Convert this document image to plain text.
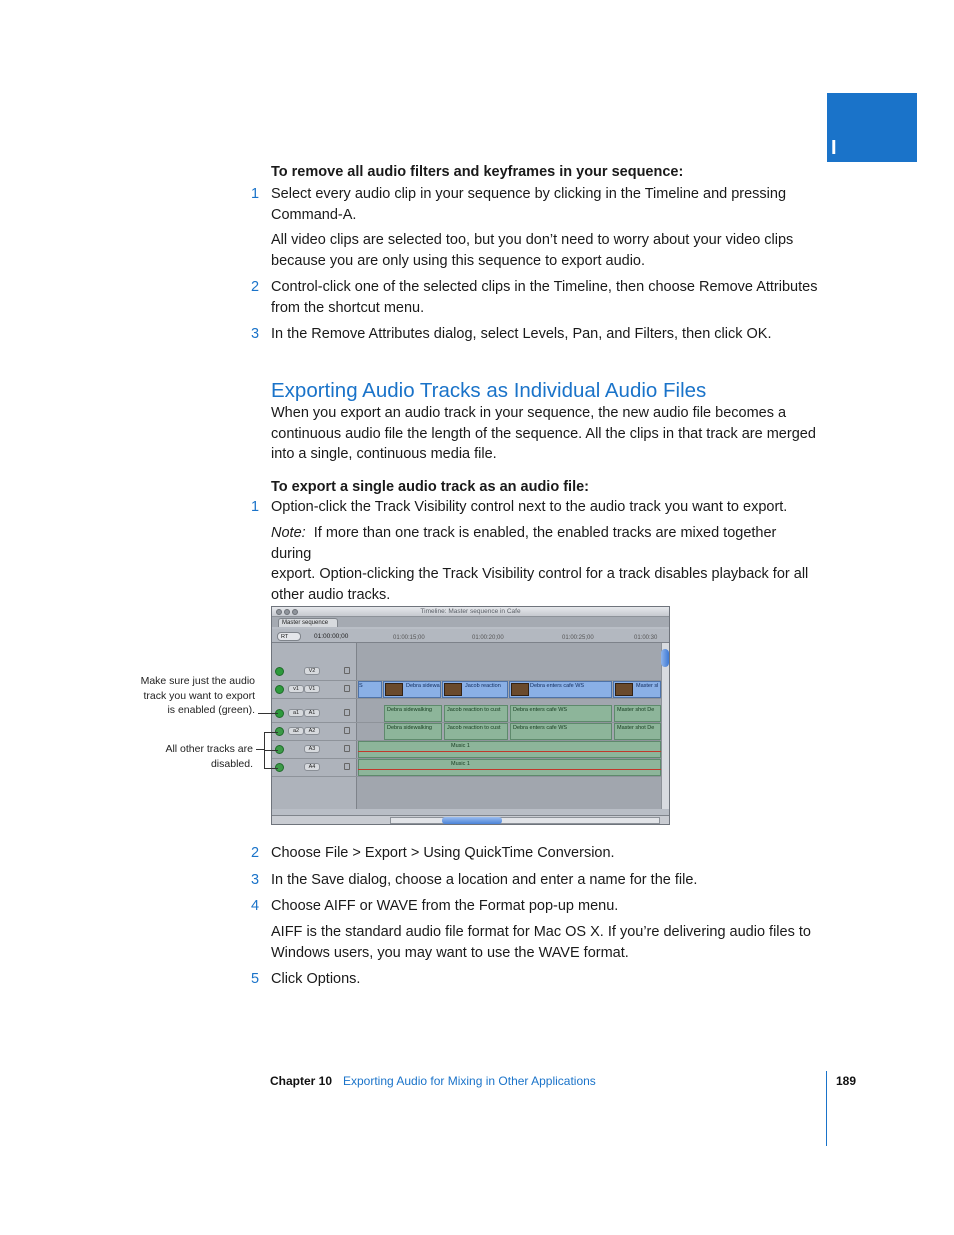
I
To remove all audio filters and keyframes in your sequence:
1 Select every audio clip in your sequence by clicking in the Timeline and pressing
Command-A.
All video clips are selected too, but you don’t need to worry about your video clips
because you are only using this sequence to export audio.
2 Control-click one of the selected clips in the Timeline, then choose Remove Attributes
from the shortcut menu.
3 In the Remove Attributes dialog, select Levels, Pan, and Filters, then click OK.
Exporting Audio Tracks as Individual Audio Files
When you export an audio track in your sequence, the new audio file becomes a
continuous audio file the length of the sequence. All the clips in that track are merged
into a single, continuous media file.
To export a single audio track as an audio file:
1 Option-click the Track Visibility control next to the audio track you want to export.
Note: If more than one track is enabled, the enabled tracks are mixed together during
export. Option-clicking the Track Visibility control for a track disables playback for all
other audio tracks.
Timeline: Master sequence in Cafe
Master sequence
RT	01:00:00;00	01:00:15;00	01:00:20;00	01:00:25;00	01:00:30
V2
v1	V1	S	Debra sidewa	Jacob reaction	Debra enters cafe WS	Master sl
a1	A1	Debra sidewalking	Jacob reaction to cust	Debra enters cafe WS	Master shot De
a2	A2	Debra sidewalking	Jacob reaction to cust	Debra enters cafe WS	Master shot De
A3	Music 1
A4	Music 1
Make sure just the audio
track you want to export
is enabled (green).
All other tracks are
disabled.
2 Choose File > Export > Using QuickTime Conversion.
3 In the Save dialog, choose a location and enter a name for the file.
4 Choose AIFF or WAVE from the Format pop-up menu.
AIFF is the standard audio file format for Mac OS X. If you’re delivering audio files to
Windows users, you may want to use the WAVE format.
5 Click Options.
Chapter 10 Exporting Audio for Mixing in Other Applications	189
